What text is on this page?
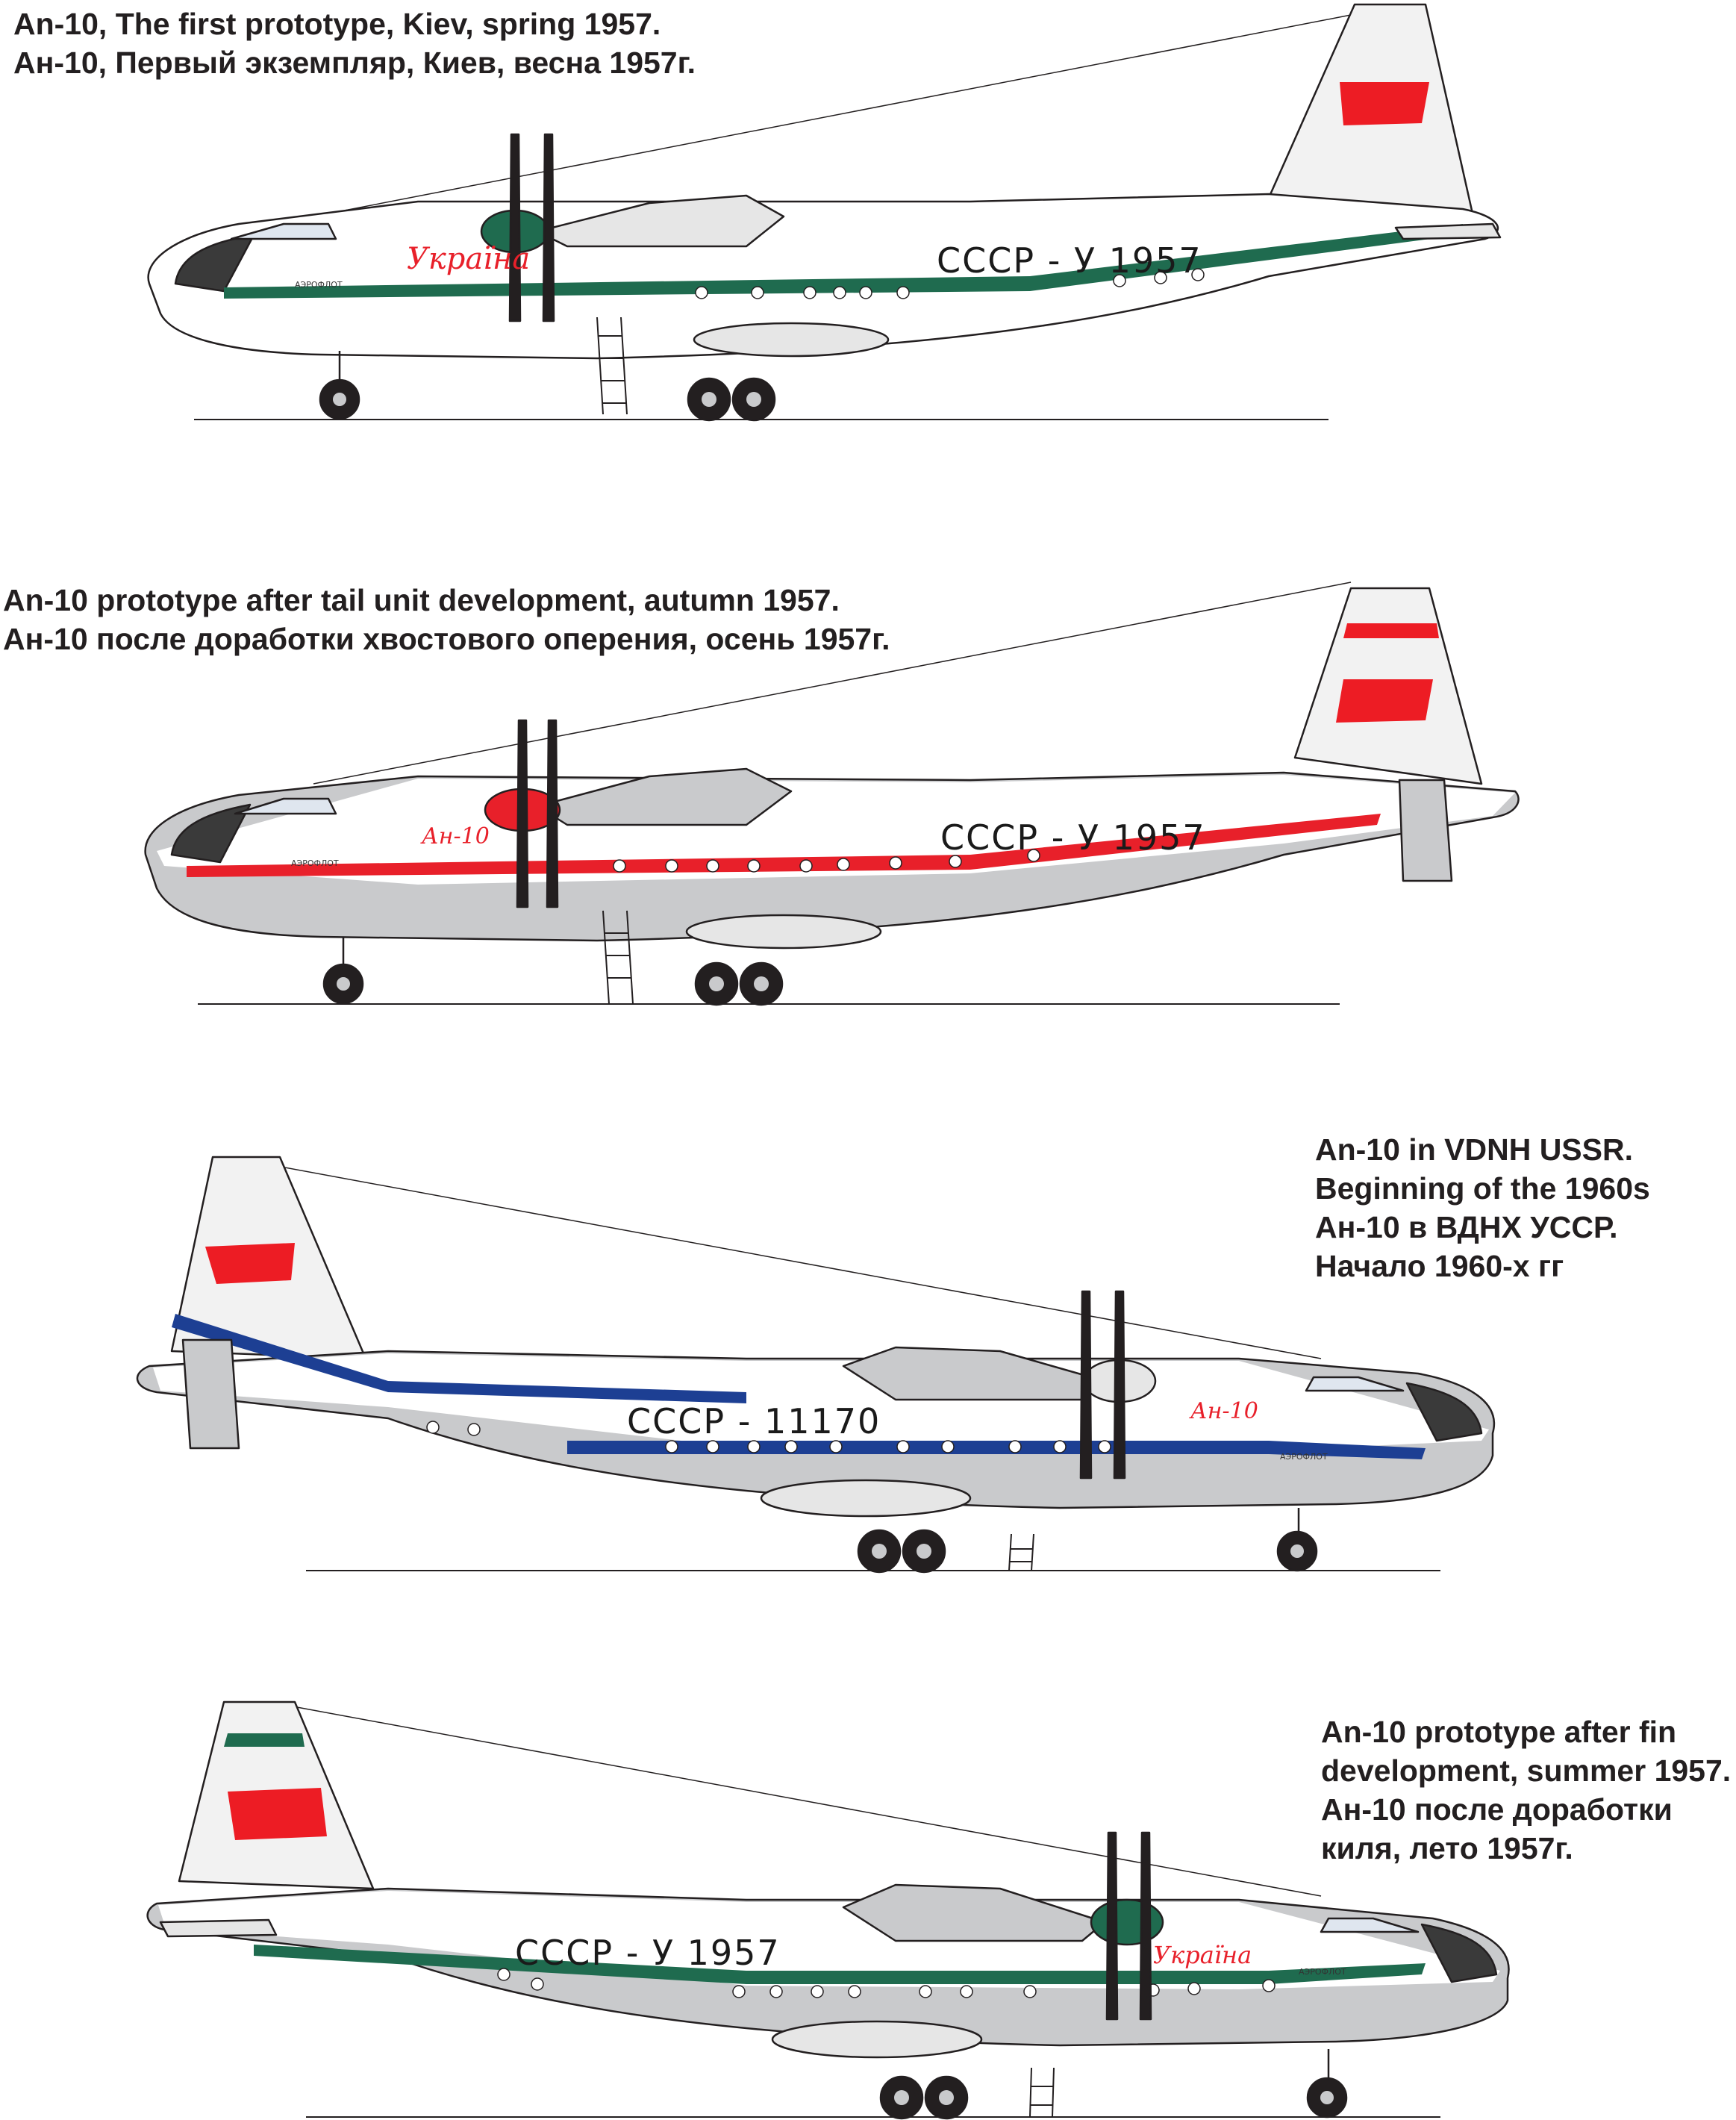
An-10, The first prototype, Kiev, spring 1957.
Ан-10, Первый экземпляр, Киев, весна 1957г.
An-10 prototype after tail unit development, autumn 1957.
Ан-10 после доработки хвостового оперения, осень 1957г.
An-10 in VDNH USSR.
Beginning of the 1960s
Ан-10 в ВДНХ УССР.
Начало 1960-х гг
An-10 prototype after fin
development, summer 1957.
Ан-10 после доработки
киля, лето 1957г.
СССР - У 1957
Україна
АЭРОФЛОТ
СССР - У 1957
Ан-10
АЭРОФЛОТ
СССР - 11170	Ан-10
АЭРОФЛОТ
СССР - У 1957	Україна
АЭРОФЛОТ
